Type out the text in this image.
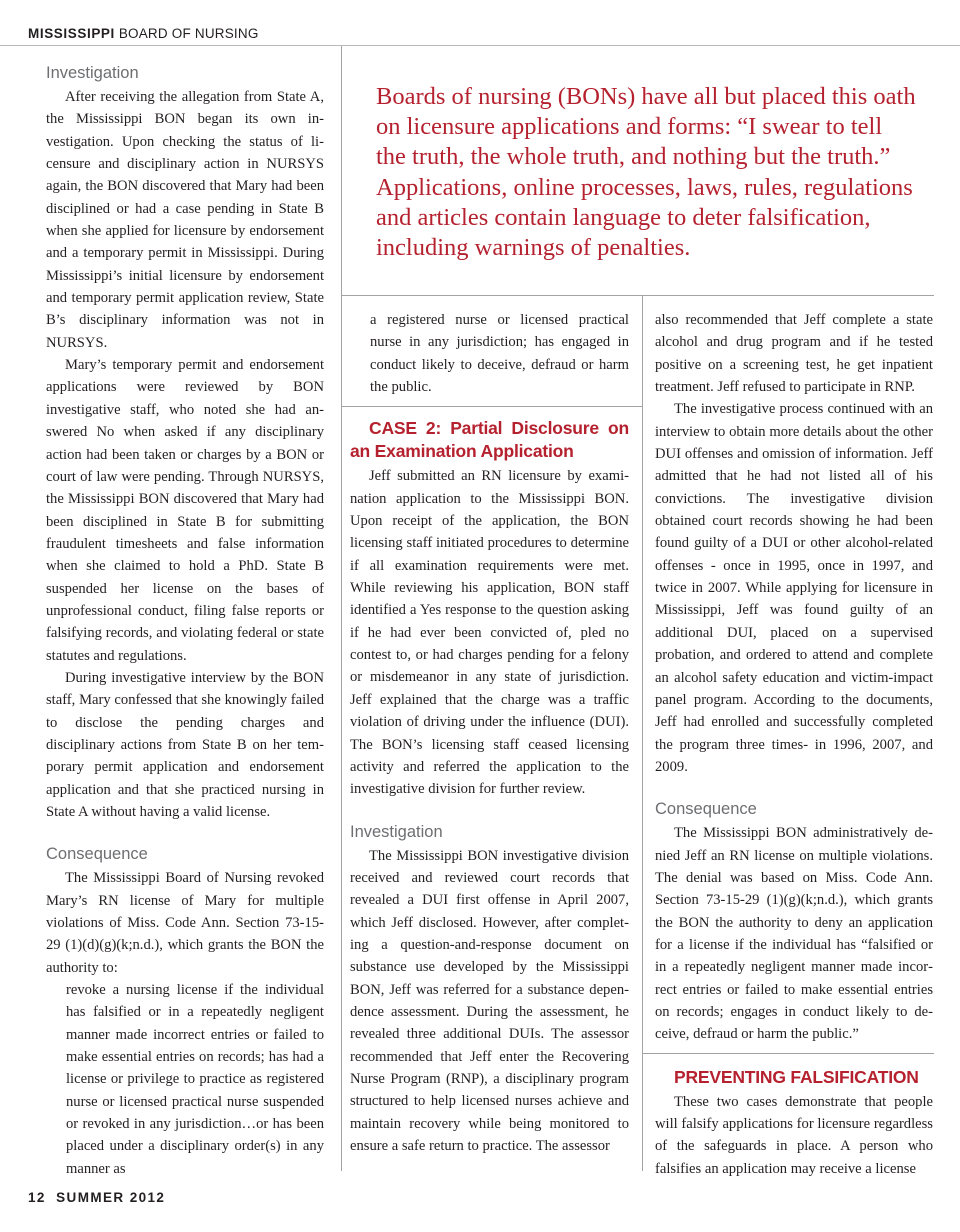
MISSISSIPPI BOARD OF NURSING

Boards of nursing (BONs) have all but placed this oath on licensure applications and forms: “I swear to tell the truth, the whole truth, and nothing but the truth.” Applications, online processes, laws, rules, regulations and articles contain language to deter falsification, including warnings of penalties.

Investigation

After receiving the allegation from State A, the Mississippi BON began its own investigation. Upon checking the status of licensure and disciplinary action in NURSYS again, the BON discovered that Mary had been disciplined or had a case pending in State B when she applied for licensure by endorsement and a temporary permit in Mississippi. During Mississippi’s initial licensure by endorsement and temporary permit application review, State B’s disciplinary information was not in NURSYS.

Mary’s temporary permit and endorsement applications were reviewed by BON investigative staff, who noted she had answered No when asked if any disciplinary action had been taken or charges by a BON or court of law were pending. Through NURSYS, the Mississippi BON discovered that Mary had been disciplined in State B for submitting fraudulent timesheets and false information when she claimed to hold a PhD. State B suspended her license on the bases of unprofessional conduct, filing false reports or falsifying records, and violating federal or state statutes and regulations.

During investigative interview by the BON staff, Mary confessed that she knowingly failed to disclose the pending charges and disciplinary actions from State B on her temporary permit application and endorsement application and that she practiced nursing in State A without having a valid license.

Consequence

The Mississippi Board of Nursing revoked Mary’s RN license of Mary for multiple violations of Miss. Code Ann. Section 73-15-29 (1)(d)(g)(k;n.d.), which grants the BON the authority to:

revoke a nursing license if the individual has falsified or in a repeatedly negligent manner made incorrect entries or failed to make essential entries on records; has had a license or privilege to practice as registered nurse or licensed practical nurse suspended or revoked in any jurisdiction…or has been placed under a disciplinary order(s) in any manner as

a registered nurse or licensed practical nurse in any jurisdiction; has engaged in conduct likely to deceive, defraud or harm the public.

CASE 2: Partial Disclosure on an Examination Application

Jeff submitted an RN licensure by examination application to the Mississippi BON. Upon receipt of the application, the BON licensing staff initiated procedures to determine if all examination requirements were met. While reviewing his application, BON staff identified a Yes response to the question asking if he had ever been convicted of, pled no contest to, or had charges pending for a felony or misdemeanor in any state of jurisdiction. Jeff explained that the charge was a traffic violation of driving under the influence (DUI). The BON’s licensing staff ceased licensing activity and referred the application to the investigative division for further review.

Investigation

The Mississippi BON investigative division received and reviewed court records that revealed a DUI first offense in April 2007, which Jeff disclosed. However, after completing a question-and-response document on substance use developed by the Mississippi BON, Jeff was referred for a substance dependence assessment. During the assessment, he revealed three additional DUIs. The assessor recommended that Jeff enter the Recovering Nurse Program (RNP), a disciplinary program structured to help licensed nurses achieve and maintain recovery while being monitored to ensure a safe return to practice. The assessor

also recommended that Jeff complete a state alcohol and drug program and if he tested positive on a screening test, he get inpatient treatment. Jeff refused to participate in RNP.

The investigative process continued with an interview to obtain more details about the other DUI offenses and omission of information. Jeff admitted that he had not listed all of his convictions. The investigative division obtained court records showing he had been found guilty of a DUI or other alcohol-related offenses - once in 1995, once in 1997, and twice in 2007. While applying for licensure in Mississippi, Jeff was found guilty of an additional DUI, placed on a supervised probation, and ordered to attend and complete an alcohol safety education and victim-impact panel program. According to the documents, Jeff had enrolled and successfully completed the program three times- in 1996, 2007, and 2009.

Consequence

The Mississippi BON administratively denied Jeff an RN license on multiple violations. The denial was based on Miss. Code Ann. Section 73-15-29 (1)(g)(k;n.d.), which grants the BON the authority to deny an application for a license if the individual has “falsified or in a repeatedly negligent manner made incorrect entries or failed to make essential entries on records; engages in conduct likely to deceive, defraud or harm the public.”

PREVENTING FALSIFICATION

These two cases demonstrate that people will falsify applications for licensure regardless of the safeguards in place. A person who falsifies an application may receive a license

12 SUMMER 2012
